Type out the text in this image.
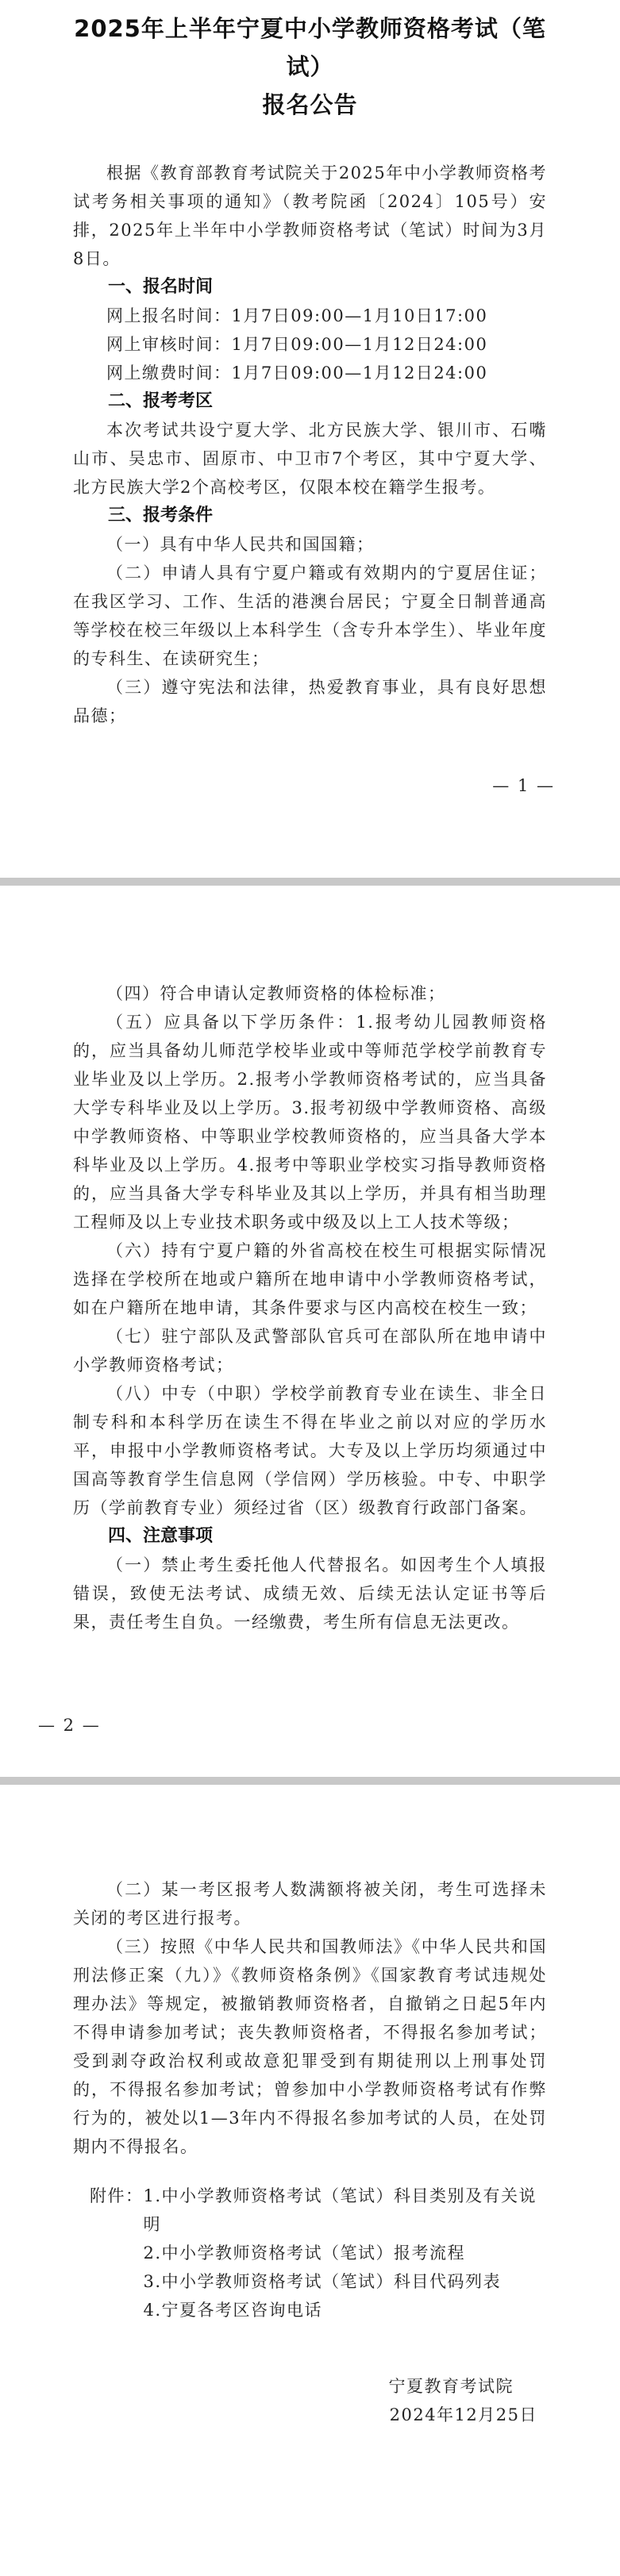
2025年上半年宁夏中小学教师资格考试（笔试）

报名公告

根据《教育部教育考试院关于2025年中小学教师资格考试考务相关事项的通知》（教考院函〔2024〕105号）安排，2025年上半年中小学教师资格考试（笔试）时间为3月8日。

一、报名时间

网上报名时间：1月7日09:00—1月10日17:00

网上审核时间：1月7日09:00—1月12日24:00

网上缴费时间：1月7日09:00—1月12日24:00

二、报考考区

本次考试共设宁夏大学、北方民族大学、银川市、石嘴山市、吴忠市、固原市、中卫市7个考区，其中宁夏大学、北方民族大学2个高校考区，仅限本校在籍学生报考。

三、报考条件

（一）具有中华人民共和国国籍；

（二）申请人具有宁夏户籍或有效期内的宁夏居住证；在我区学习、工作、生活的港澳台居民；宁夏全日制普通高等学校在校三年级以上本科学生（含专升本学生）、毕业年度的专科生、在读研究生；

（三）遵守宪法和法律，热爱教育事业，具有良好思想品德；

— 1 —

（四）符合申请认定教师资格的体检标准；

（五）应具备以下学历条件：1.报考幼儿园教师资格的，应当具备幼儿师范学校毕业或中等师范学校学前教育专业毕业及以上学历。2.报考小学教师资格考试的，应当具备大学专科毕业及以上学历。3.报考初级中学教师资格、高级中学教师资格、中等职业学校教师资格的，应当具备大学本科毕业及以上学历。4.报考中等职业学校实习指导教师资格的，应当具备大学专科毕业及其以上学历，并具有相当助理工程师及以上专业技术职务或中级及以上工人技术等级；

（六）持有宁夏户籍的外省高校在校生可根据实际情况选择在学校所在地或户籍所在地申请中小学教师资格考试，如在户籍所在地申请，其条件要求与区内高校在校生一致；

（七）驻宁部队及武警部队官兵可在部队所在地申请中小学教师资格考试；

（八）中专（中职）学校学前教育专业在读生、非全日制专科和本科学历在读生不得在毕业之前以对应的学历水平，申报中小学教师资格考试。大专及以上学历均须通过中国高等教育学生信息网（学信网）学历核验。中专、中职学历（学前教育专业）须经过省（区）级教育行政部门备案。

四、注意事项

（一）禁止考生委托他人代替报名。如因考生个人填报错误，致使无法考试、成绩无效、后续无法认定证书等后果，责任考生自负。一经缴费，考生所有信息无法更改。

— 2 —

（二）某一考区报考人数满额将被关闭，考生可选择未关闭的考区进行报考。

（三）按照《中华人民共和国教师法》《中华人民共和国刑法修正案（九）》《教师资格条例》《国家教育考试违规处理办法》等规定，被撤销教师资格者，自撤销之日起5年内不得申请参加考试；丧失教师资格者，不得报名参加考试；受到剥夺政治权利或故意犯罪受到有期徒刑以上刑事处罚的，不得报名参加考试；曾参加中小学教师资格考试有作弊行为的，被处以1—3年内不得报名参加考试的人员，在处罚期内不得报名。

附件： 1.中小学教师资格考试（笔试）科目类别及有关说明

2.中小学教师资格考试（笔试）报考流程

3.中小学教师资格考试（笔试）科目代码列表

4.宁夏各考区咨询电话

宁夏教育考试院

2024年12月25日
